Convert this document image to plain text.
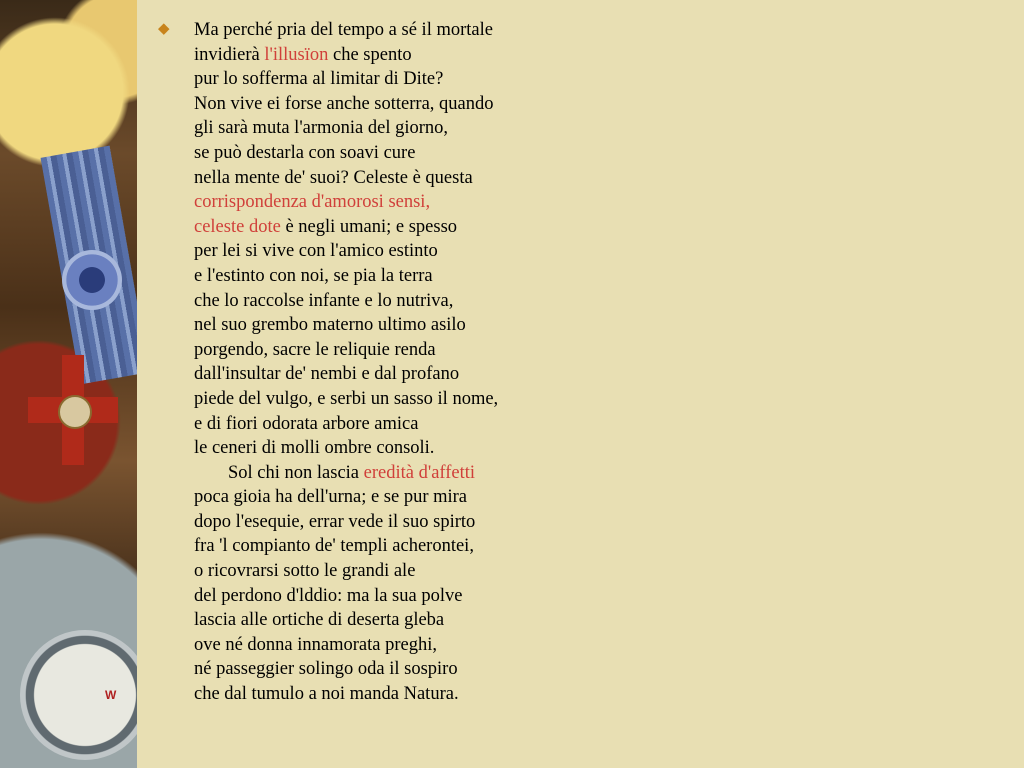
W
◆ Ma perché pria del tempo a sé il mortale
invidierà l'illusïon che spento
pur lo sofferma al limitar di Dite?
Non vive ei forse anche sotterra, quando
gli sarà muta l'armonia del giorno,
se può destarla con soavi cure
nella mente de' suoi? Celeste è questa
corrispondenza d'amorosi sensi,
celeste dote è negli umani; e spesso
per lei si vive con l'amico estinto
e l'estinto con noi, se pia la terra
che lo raccolse infante e lo nutriva,
nel suo grembo materno ultimo asilo
porgendo, sacre le reliquie renda
dall'insultar de' nembi e dal profano
piede del vulgo, e serbi un sasso il nome,
e di fiori odorata arbore amica
le ceneri di molli ombre consoli.
Sol chi non lascia eredità d'affetti
poca gioia ha dell'urna; e se pur mira
dopo l'esequie, errar vede il suo spirto
fra 'l compianto de' templi acherontei,
o ricovrarsi sotto le grandi ale
del perdono d'lddio: ma la sua polve
lascia alle ortiche di deserta gleba
ove né donna innamorata preghi,
né passeggier solingo oda il sospiro
che dal tumulo a noi manda Natura.
